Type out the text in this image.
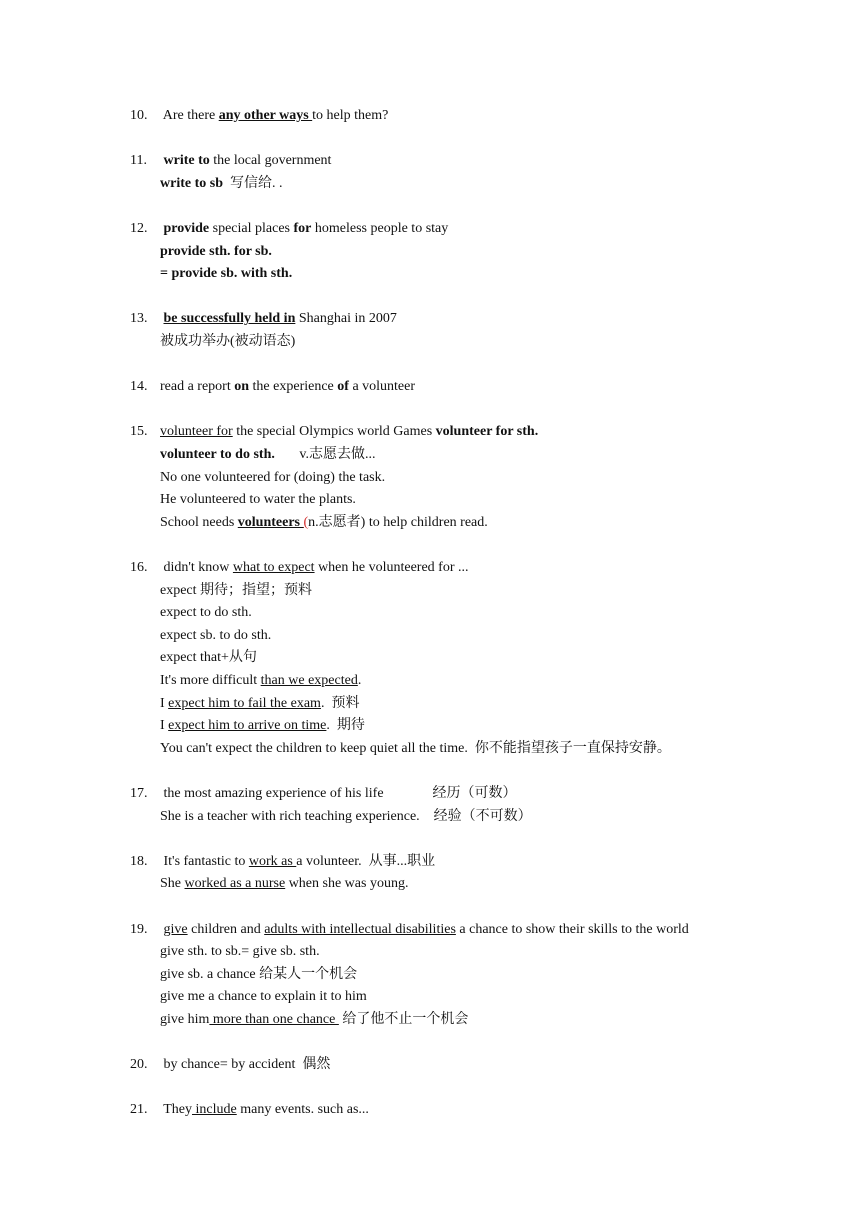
10. Are there any other ways to help them?
11. write to the local government
write to sb  写信给. .
12. provide special places for homeless people to stay
provide sth. for sb.
= provide sb. with sth.
13. be successfully held in Shanghai in 2007
被成功举办(被动语态)
14. read a report on the experience of a volunteer
15. volunteer for the special Olympics world Games volunteer for sth.
volunteer to do sth.       v.志愿去做...
No one volunteered for (doing) the task.
He volunteered to water the plants.
School needs volunteers (n.志愿者) to help children read.
16. didn't know what to expect when he volunteered for ...
expect 期待；指望；预料
expect to do sth.
expect sb. to do sth.
expect that+从句
It's more difficult than we expected.
I expect him to fail the exam.  预料
I expect him to arrive on time.  期待
You can't expect the children to keep quiet all the time.  你不能指望孩子一直保持安静。
17. the most amazing experience of his life              经历（可数）
She is a teacher with rich teaching experience.    经验（不可数）
18. It's fantastic to work as a volunteer.  从事...职业
She worked as a nurse when she was young.
19. give children and adults with intellectual disabilities a chance to show their skills to the world
give sth. to sb.= give sb. sth.
give sb. a chance 给某人一个机会
give me a chance to explain it to him
give him more than one chance  给了他不止一个机会
20. by chance= by accident  偶然
21. They include many events. such as...
